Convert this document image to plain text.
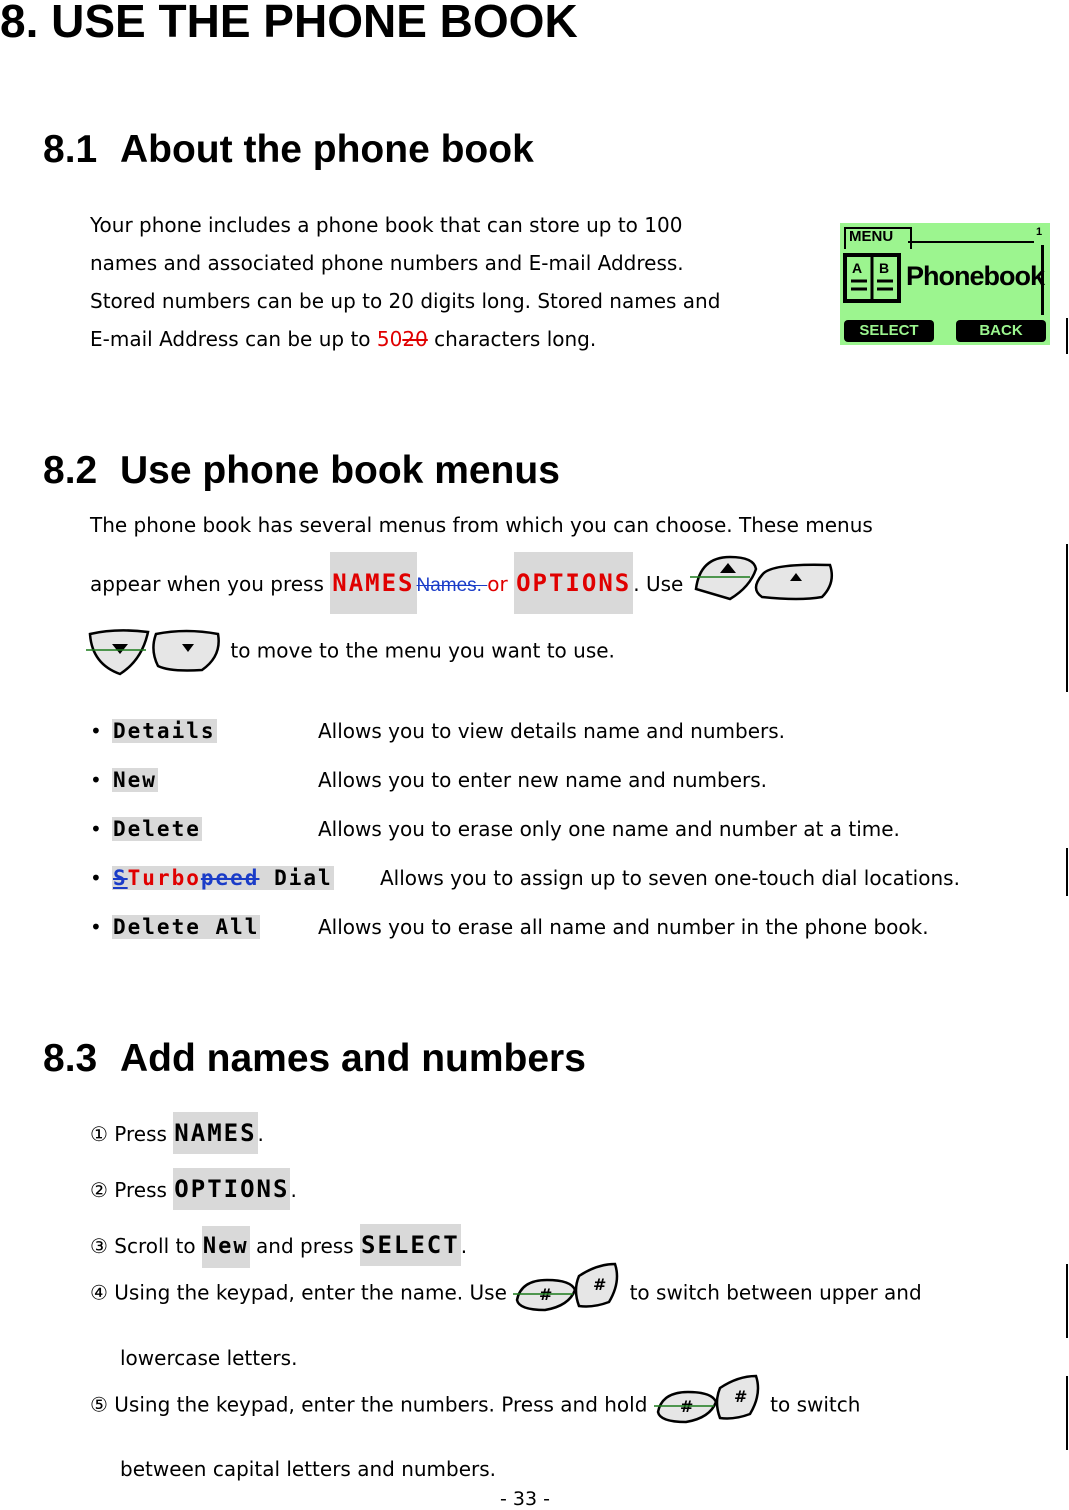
8. USE THE PHONE BOOK
8.1 About the phone book
Your phone includes a phone book that can store up to 100
names and associated phone numbers and E-mail Address.
Stored numbers can be up to 20 digits long. Stored names and
E-mail Address can be up to 5020 characters long.
MENU	1
A B Phonebook
SELECT	BACK
8.2 Use phone book menus
The phone book has several menus from which you can choose. These menus
appear when you press NAMES Names. or OPTIONS . Use
to move to the menu you want to use.
• Details	Allows you to view details name and numbers.
• New	Allows you to enter new name and numbers.
• Delete	Allows you to erase only one name and number at a time.
• STurbopeed Dial Allows you to assign up to seven one-touch dial locations.
• Delete All	Allows you to erase all name and number in the phone book.
8.3 Add names and numbers
① Press NAMES.
② Press OPTIONS.
③ Scroll to New and press SELECT.
④ Using the keypad, enter the name. Use #
# to switch between upper and
lowercase letters.
⑤ Using the keypad, enter the numbers. Press and hold #
# to switch
between capital letters and numbers.
- 33 -
